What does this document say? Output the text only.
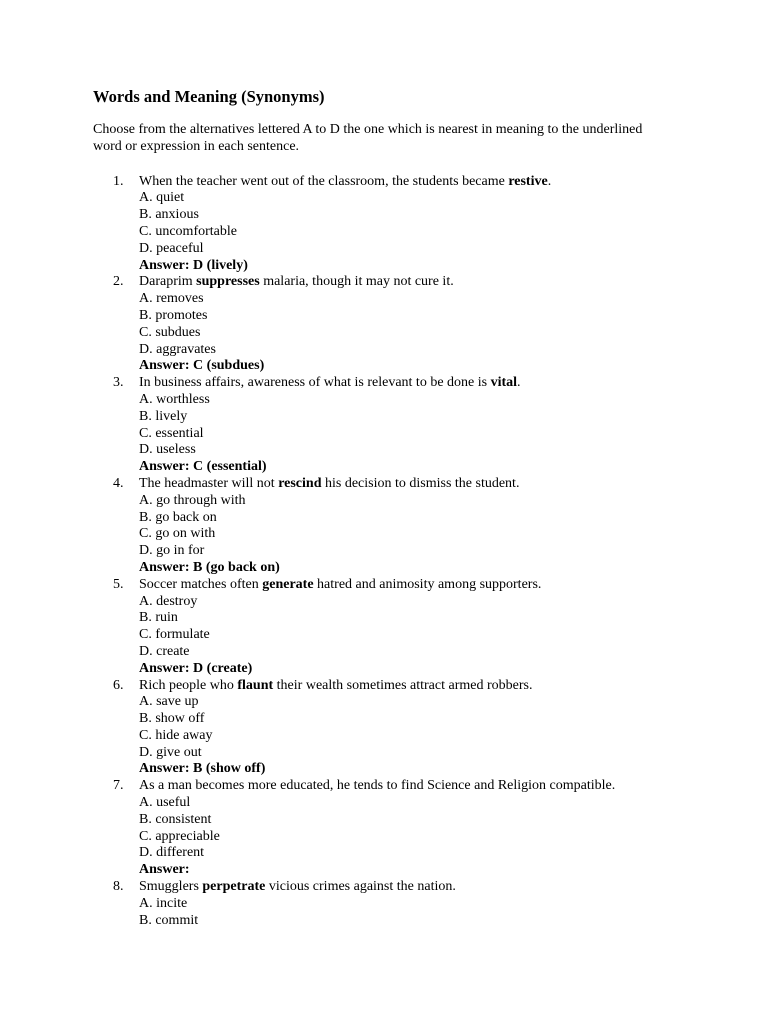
Words and Meaning (Synonyms)

Choose from the alternatives lettered A to D the one which is nearest in meaning to the underlined word or expression in each sentence.

1. When the teacher went out of the classroom, the students became restive.
A. quiet
B. anxious
C. uncomfortable
D. peaceful
Answer: D (lively)
2. Daraprim suppresses malaria, though it may not cure it.
A. removes
B. promotes
C. subdues
D. aggravates
Answer: C (subdues)
3. In business affairs, awareness of what is relevant to be done is vital.
A. worthless
B. lively
C. essential
D. useless
Answer: C (essential)
4. The headmaster will not rescind his decision to dismiss the student.
A. go through with
B. go back on
C. go on with
D. go in for
Answer: B (go back on)
5. Soccer matches often generate hatred and animosity among supporters.
A. destroy
B. ruin
C. formulate
D. create
Answer: D (create)
6. Rich people who flaunt their wealth sometimes attract armed robbers.
A. save up
B. show off
C. hide away
D. give out
Answer: B (show off)
7. As a man becomes more educated, he tends to find Science and Religion compatible.
A. useful
B. consistent
C. appreciable
D. different
Answer:
8. Smugglers perpetrate vicious crimes against the nation.
A. incite
B. commit
